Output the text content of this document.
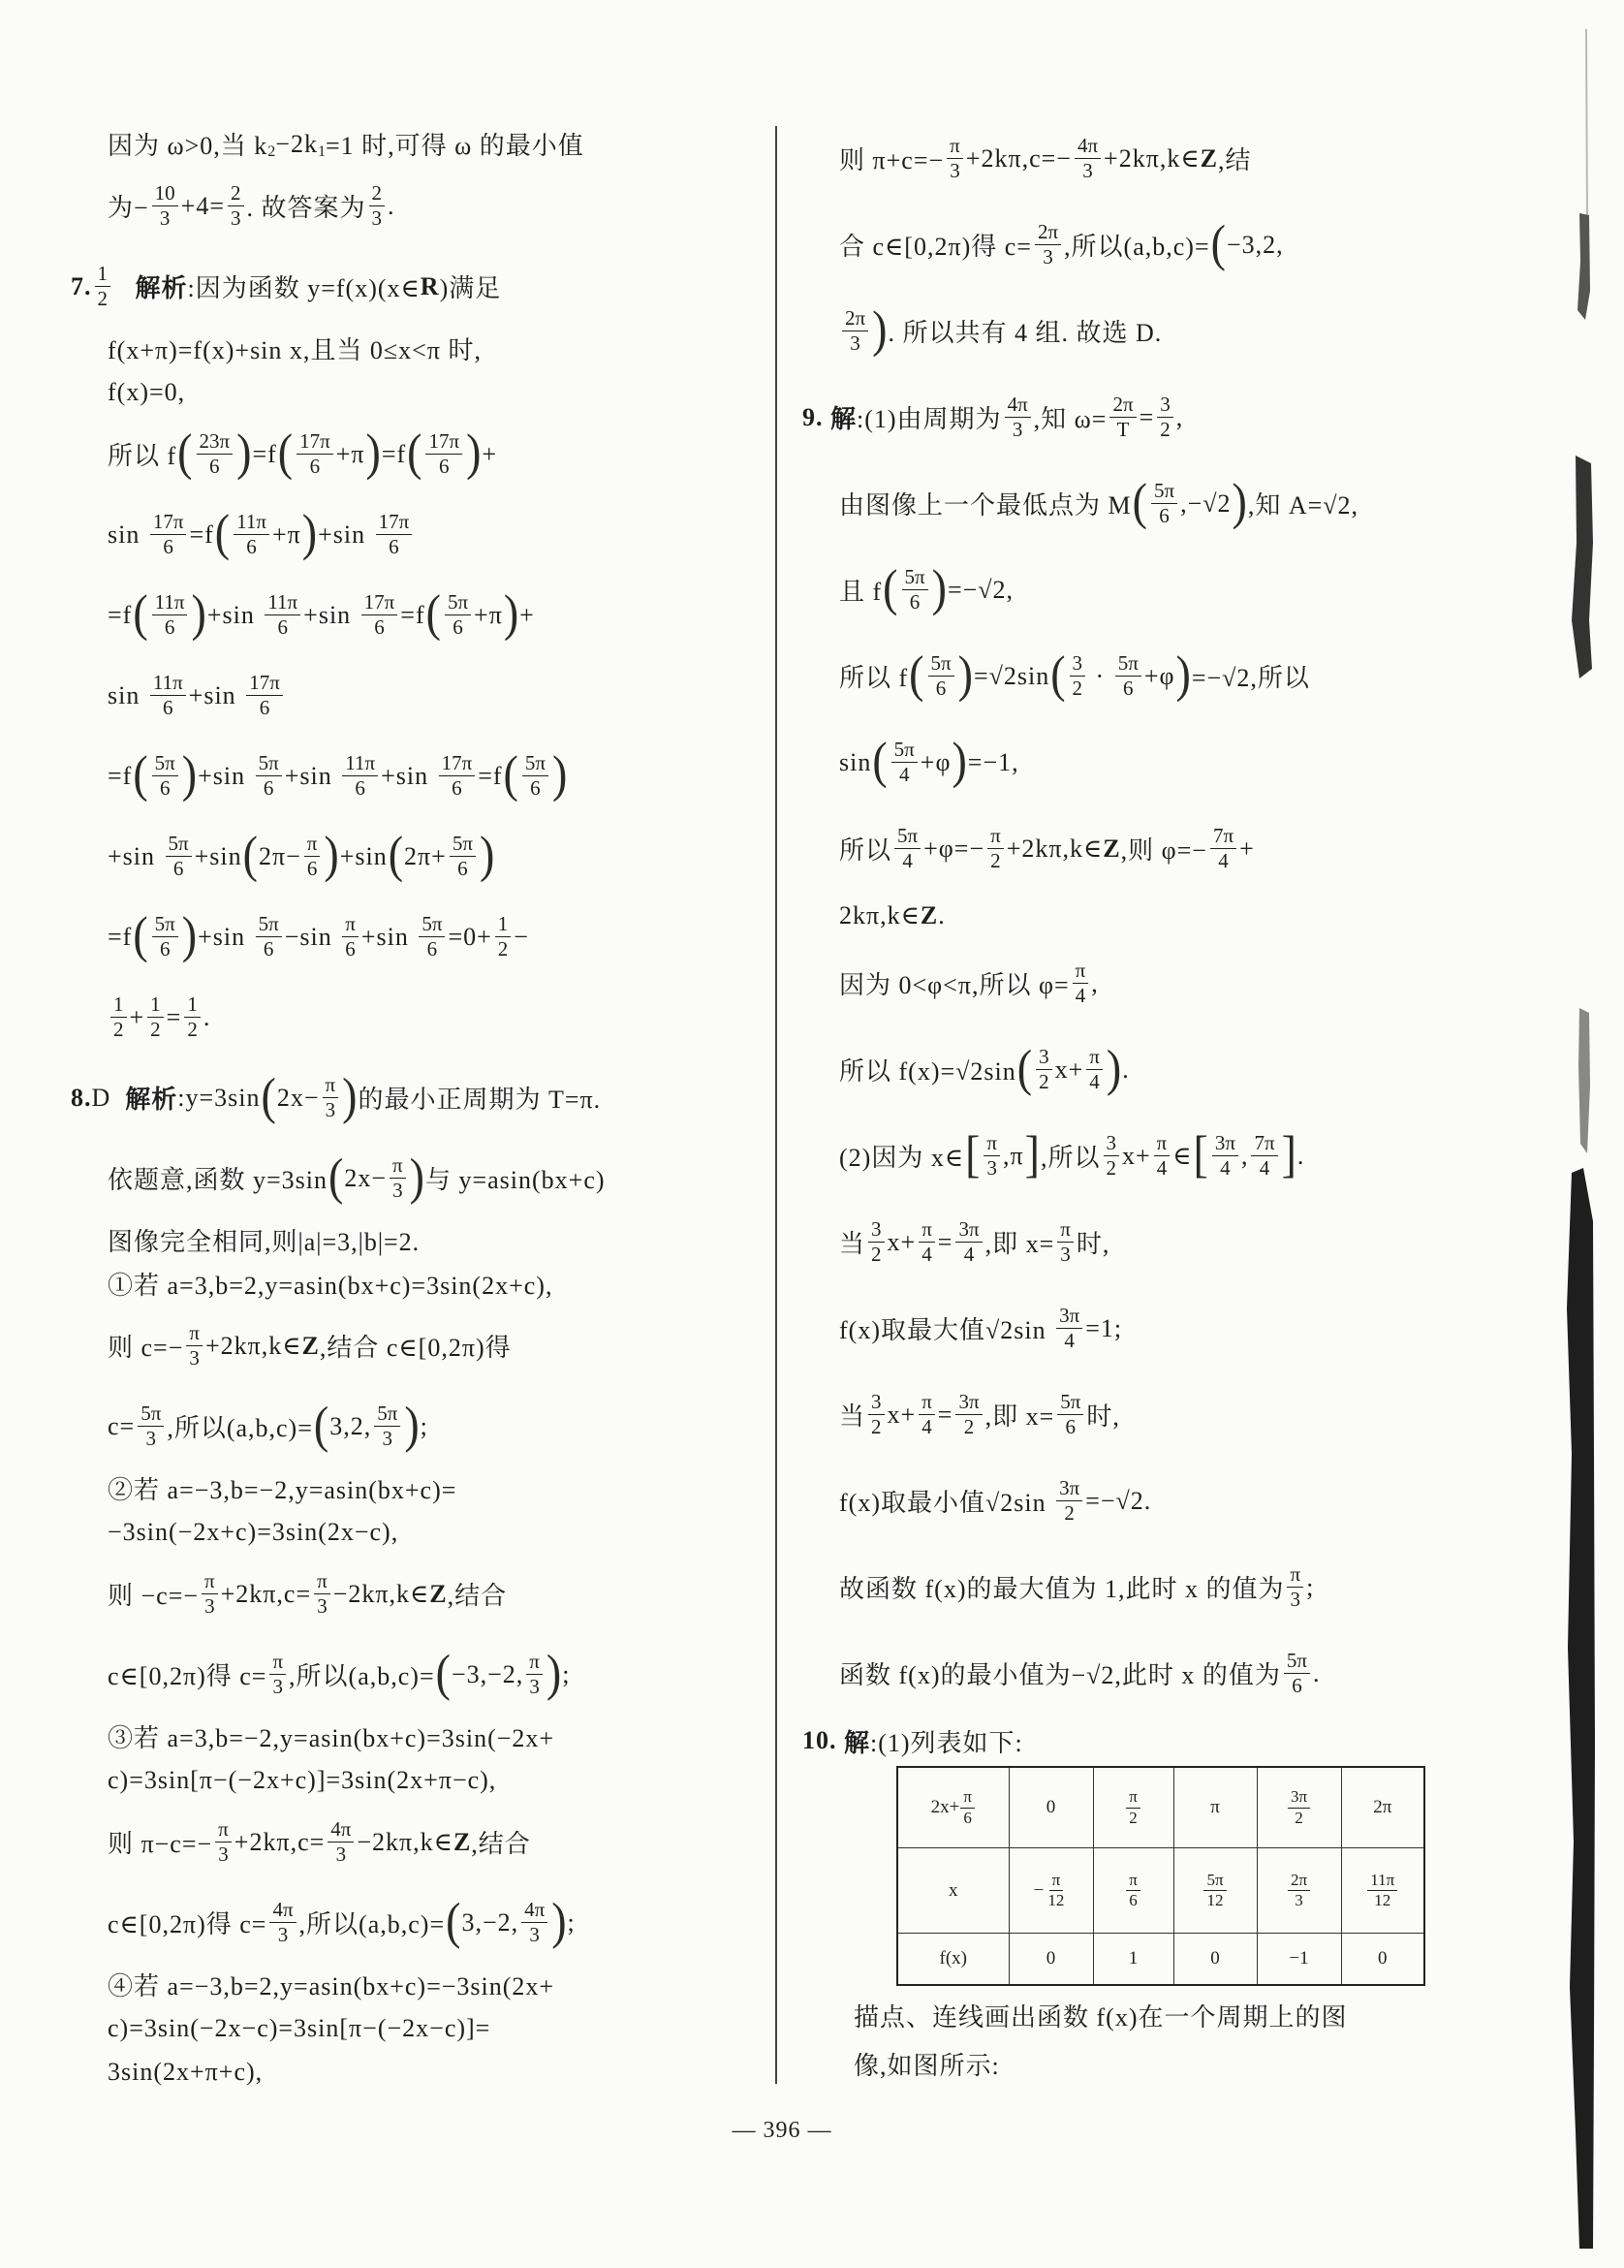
因为 ω>0,当 k 2 −2k 1 =1 时,可得 ω 的最小值
为− $\frac{10}{3} +4= \frac{2}{3}$ . 故答案为 $\frac{2}{3}$ .
7. $\frac{1}{2}$
解析 :因为函数 y=f(x)(x∈ R )满足
f(x+π)=f(x)+sin x,且当 0≤x<π 时,
f(x)=0,
所以 f ( $\frac{23\pi}{6}$ ) =f ( $\frac{17\pi}{6} +\pi$ ) =f ( $\frac{17\pi}{6}$ ) +
$\sin \frac{17\pi}{6} =f$ ( $\frac{11\pi}{6} +\pi$ ) $+\sin \frac{17\pi}{6}$
=f ( $\frac{11\pi}{6}$ ) $+\sin \frac{11\pi}{6} +\sin \frac{17\pi}{6} =f$ ( $\frac{5\pi}{6} +\pi$ ) +
$\sin \frac{11\pi}{6} +\sin \frac{17\pi}{6}$
=f ( $\frac{5\pi}{6}$ ) $+\sin \frac{5\pi}{6} +\sin \frac{11\pi}{6} +\sin \frac{17\pi}{6} =f$ ( $\frac{5\pi}{6}$ )
$+\sin \frac{5\pi}{6} +\sin$ ( $2\pi- \frac{\pi}{6}$ ) +sin ( $2\pi+ \frac{5\pi}{6}$ )
=f ( $\frac{5\pi}{6}$ ) $+\sin \frac{5\pi}{6} -\sin \frac{\pi}{6} +\sin \frac{5\pi}{6} =0+ \frac{1}{2}$ −
$\frac{1}{2} + \frac{1}{2} = \frac{1}{2}$ .
8. D 解析 :y=3sin ( $2x- \frac{\pi}{3}$ ) 的最小正周期为 T=π.
依题意,函数 y=3sin ( $2x- \frac{\pi}{3}$ ) 与 y=asin(bx+c)
图像完全相同,则|a|=3,|b|=2.
①若 a=3,b=2,y=asin(bx+c)=3sin(2x+c),
则 $c=- \frac{\pi}{3}$ +2kπ,k∈ Z ,结合 c∈[0,2π)得
$c= \frac{5\pi}{3}$ ,所以(a,b,c)= ( 3,2, $\frac{5\pi}{3}$ ) ;
②若 a=−3,b=−2,y=asin(bx+c)=
−3sin(−2x+c)=3sin(2x−c),
则 $-c=- \frac{\pi}{3} +2k\pi,c= \frac{\pi}{3}$ −2kπ,k∈ Z ,结合
c∈[0,2π)得 $c= \frac{\pi}{3}$ ,所以(a,b,c)= ( −3,−2, $\frac{\pi}{3}$ ) ;
③若 a=3,b=−2,y=asin(bx+c)=3sin(−2x+
c)=3sin[π−(−2x+c)]=3sin(2x+π−c),
则 $\pi-c=- \frac{\pi}{3} +2k\pi,c= \frac{4\pi}{3}$ −2kπ,k∈ Z ,结合
c∈[0,2π)得 $c= \frac{4\pi}{3}$ ,所以(a,b,c)= ( 3,−2, $\frac{4\pi}{3}$ ) ;
④若 a=−3,b=2,y=asin(bx+c)=−3sin(2x+
c)=3sin(−2x−c)=3sin[π−(−2x−c)]=
3sin(2x+π+c),
则 $\pi+c=- \frac{\pi}{3} +2k\pi,c=- \frac{4\pi}{3}$ +2kπ,k∈ Z ,结
合 c∈[0,2π)得 $c= \frac{2\pi}{3}$ ,所以(a,b,c)= ( −3,2,
$\frac{2\pi}{3}$ ) . 所以共有 4 组. 故选 D.
9.
解 :(1)由周期为 $\frac{4\pi}{3}$ ,知 $\omega= \frac{2\pi}{T} = \frac{3}{2}$ ,
由图像上一个最低点为 M ( $\frac{5\pi}{6} ,-√2$ ) ,知 A=√2,
且 f ( $\frac{5\pi}{6}$ ) =−√2,
所以 f ( $\frac{5\pi}{6}$ ) =√2sin ( $\frac{3}{2} \cdot \frac{5\pi}{6} +\varphi$ ) =−√2,所以
sin ( $\frac{5\pi}{4} +\varphi$ ) =−1,
所以 $\frac{5\pi}{4} +\varphi=- \frac{\pi}{2}$ +2kπ,k∈ Z ,则 $\varphi=- \frac{7\pi}{4}$ +
2kπ,k∈ Z .
因为 0<φ<π,所以 $\varphi= \frac{\pi}{4}$ ,
所以 f(x)=√2sin ( $\frac{3}{2} x+ \frac{\pi}{4}$ ) .
(2)因为 x∈ [ $\frac{\pi}{3} ,\pi$ ] ,所以 $\frac{3}{2} x+ \frac{\pi}{4}$ ∈ [ $\frac{3\pi}{4}$ , $\frac{7\pi}{4}$ ] .
当 $\frac{3}{2} x+ \frac{\pi}{4} = \frac{3\pi}{4}$ ,即 $x= \frac{\pi}{3}$ 时,
f(x)取最大值$√2\sin \frac{3\pi}{4} =1$;
当 $\frac{3}{2} x+ \frac{\pi}{4} = \frac{3\pi}{2}$ ,即 $x= \frac{5\pi}{6}$ 时,
f(x)取最小值$√2\sin \frac{3\pi}{2} =-√2$.
故函数 f(x)的最大值为 1,此时 x 的值为 $\frac{\pi}{3}$ ;
函数 f(x)的最小值为−√2,此时 x 的值为 $\frac{5\pi}{6}$ .
10.
解 :(1)列表如下:
$2x+ \frac{\pi}{6}$	0	$\frac{\pi}{2}$	π	$\frac{3\pi}{2}$	2π

x	− $\frac{\pi}{12}$	$\frac{\pi}{6}$	$\frac{5\pi}{12}$	$\frac{2\pi}{3}$	$\frac{11\pi}{12}$

f(x)	0	1	0	−1	0
描点、连线画出函数 f(x)在一个周期上的图
像,如图所示:
— 396 —
